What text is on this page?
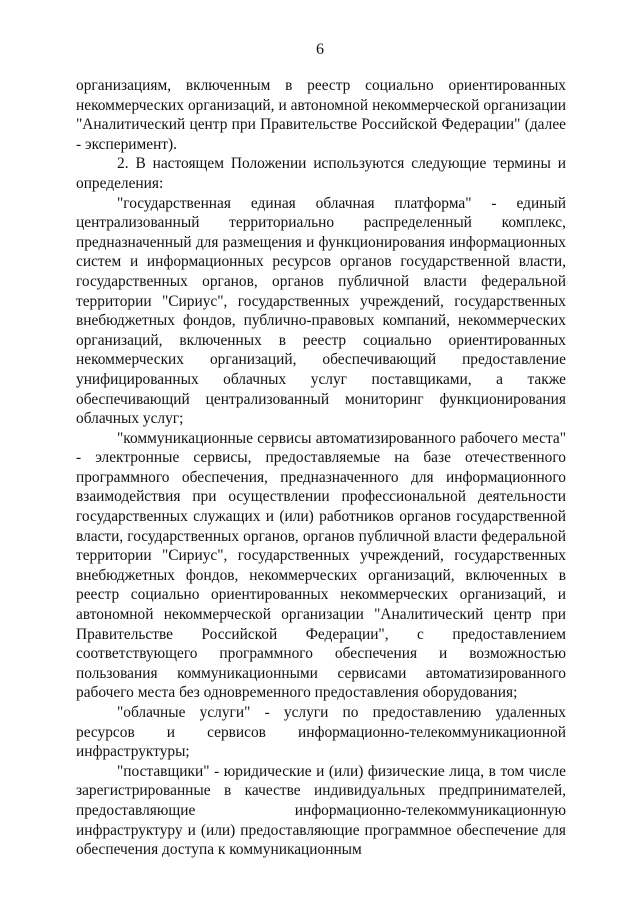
6

организациям, включенным в реестр социально ориентированных некоммерческих организаций, и автономной некоммерческой организации "Аналитический центр при Правительстве Российской Федерации" (далее - эксперимент).

2. В настоящем Положении используются следующие термины и определения:

"государственная единая облачная платформа" - единый централизованный территориально распределенный комплекс, предназначенный для размещения и функционирования информационных систем и информационных ресурсов органов государственной власти, государственных органов, органов публичной власти федеральной территории "Сириус", государственных учреждений, государственных внебюджетных фондов, публично-правовых компаний, некоммерческих организаций, включенных в реестр социально ориентированных некоммерческих организаций, обеспечивающий предоставление унифицированных облачных услуг поставщиками, а также обеспечивающий централизованный мониторинг функционирования облачных услуг;

"коммуникационные сервисы автоматизированного рабочего места" - электронные сервисы, предоставляемые на базе отечественного программного обеспечения, предназначенного для информационного взаимодействия при осуществлении профессиональной деятельности государственных служащих и (или) работников органов государственной власти, государственных органов, органов публичной власти федеральной территории "Сириус", государственных учреждений, государственных внебюджетных фондов, некоммерческих организаций, включенных в реестр социально ориентированных некоммерческих организаций, и автономной некоммерческой организации "Аналитический центр при Правительстве Российской Федерации", с предоставлением соответствующего программного обеспечения и возможностью пользования коммуникационными сервисами автоматизированного рабочего места без одновременного предоставления оборудования;

"облачные услуги" - услуги по предоставлению удаленных ресурсов и сервисов информационно-телекоммуникационной инфраструктуры;

"поставщики" - юридические и (или) физические лица, в том числе зарегистрированные в качестве индивидуальных предпринимателей, предоставляющие информационно-телекоммуникационную инфраструктуру и (или) предоставляющие программное обеспечение для обеспечения доступа к коммуникационным
